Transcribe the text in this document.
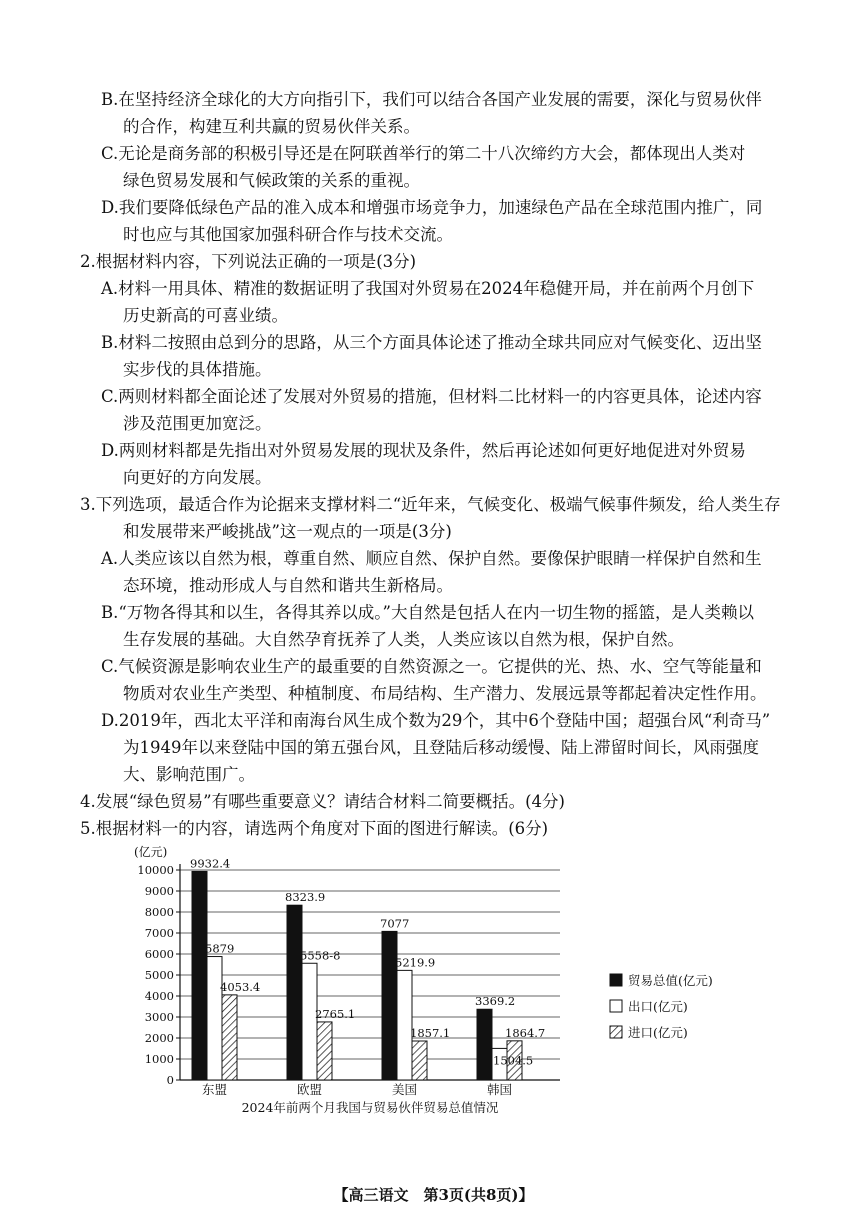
B.在坚持经济全球化的大方向指引下，我们可以结合各国产业发展的需要，深化与贸易伙伴
的合作，构建互利共赢的贸易伙伴关系。
C.无论是商务部的积极引导还是在阿联酋举行的第二十八次缔约方大会，都体现出人类对
绿色贸易发展和气候政策的关系的重视。
D.我们要降低绿色产品的准入成本和增强市场竞争力，加速绿色产品在全球范围内推广，同
时也应与其他国家加强科研合作与技术交流。
2.根据材料内容，下列说法正确的一项是(3分)
A.材料一用具体、精准的数据证明了我国对外贸易在2024年稳健开局，并在前两个月创下
历史新高的可喜业绩。
B.材料二按照由总到分的思路，从三个方面具体论述了推动全球共同应对气候变化、迈出坚
实步伐的具体措施。
C.两则材料都全面论述了发展对外贸易的措施，但材料二比材料一的内容更具体，论述内容
涉及范围更加宽泛。
D.两则材料都是先指出对外贸易发展的现状及条件，然后再论述如何更好地促进对外贸易
向更好的方向发展。
3.下列选项，最适合作为论据来支撑材料二“近年来，气候变化、极端气候事件频发，给人类生存
和发展带来严峻挑战”这一观点的一项是(3分)
A.人类应该以自然为根，尊重自然、顺应自然、保护自然。要像保护眼睛一样保护自然和生
态环境，推动形成人与自然和谐共生新格局。
B.“万物各得其和以生，各得其养以成。”大自然是包括人在内一切生物的摇篮，是人类赖以
生存发展的基础。大自然孕育抚养了人类，人类应该以自然为根，保护自然。
C.气候资源是影响农业生产的最重要的自然资源之一。它提供的光、热、水、空气等能量和
物质对农业生产类型、种植制度、布局结构、生产潜力、发展远景等都起着决定性作用。
D.2019年，西北太平洋和南海台风生成个数为29个，其中6个登陆中国；超强台风“利奇马”
为1949年以来登陆中国的第五强台风，且登陆后移动缓慢、陆上滞留时间长，风雨强度
大、影响范围广。
4.发展“绿色贸易”有哪些重要意义？请结合材料二简要概括。(4分)
5.根据材料一的内容，请选两个角度对下面的图进行解读。(6分)
(亿元)
0
1000
2000
3000
4000
5000
6000
7000
8000
9000
10000 9932.4
5879
4053.4
东盟
8323.9
5558-8
2765.1
欧盟
7077
5219.9
1857.1
美国
3369.2
1504.5
1864.7
韩国
2024年前两个月我国与贸易伙伴贸易总值情况
贸易总值(亿元)
出口(亿元)
进口(亿元)
【高三语文　第3页(共8页)】
